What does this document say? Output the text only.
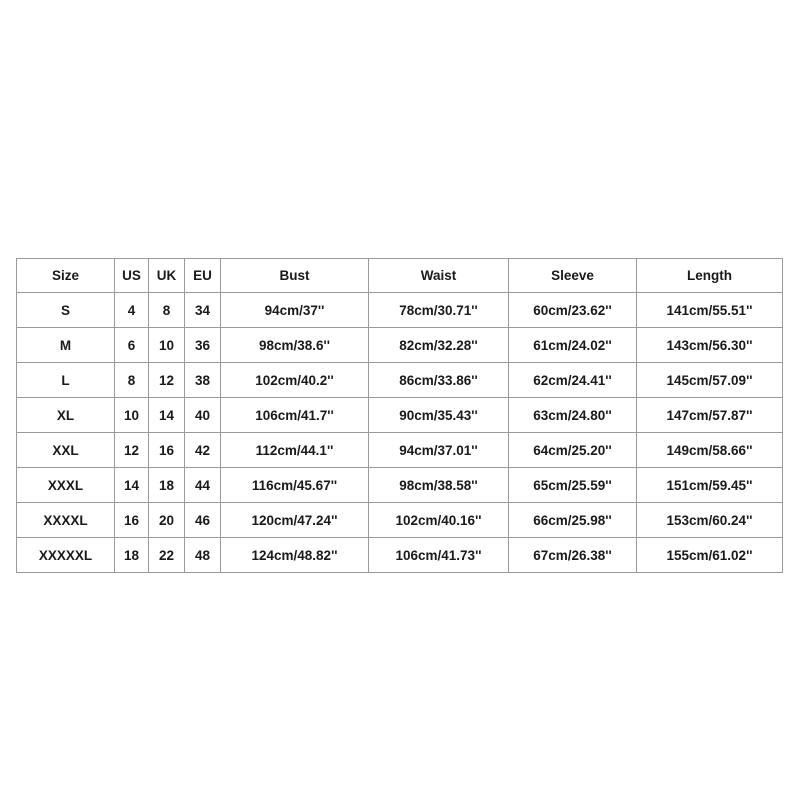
Size	US	UK	EU	Bust	Waist	Sleeve	Length
S	4	8	34	94cm/37''	78cm/30.71''	60cm/23.62''	141cm/55.51''
M	6	10	36	98cm/38.6''	82cm/32.28''	61cm/24.02''	143cm/56.30''
L	8	12	38	102cm/40.2''	86cm/33.86''	62cm/24.41''	145cm/57.09''
XL	10	14	40	106cm/41.7''	90cm/35.43''	63cm/24.80''	147cm/57.87''
XXL	12	16	42	112cm/44.1''	94cm/37.01''	64cm/25.20''	149cm/58.66''
XXXL	14	18	44	116cm/45.67''	98cm/38.58''	65cm/25.59''	151cm/59.45''
XXXXL	16	20	46	120cm/47.24''	102cm/40.16''	66cm/25.98''	153cm/60.24''
XXXXXL	18	22	48	124cm/48.82''	106cm/41.73''	67cm/26.38''	155cm/61.02''
